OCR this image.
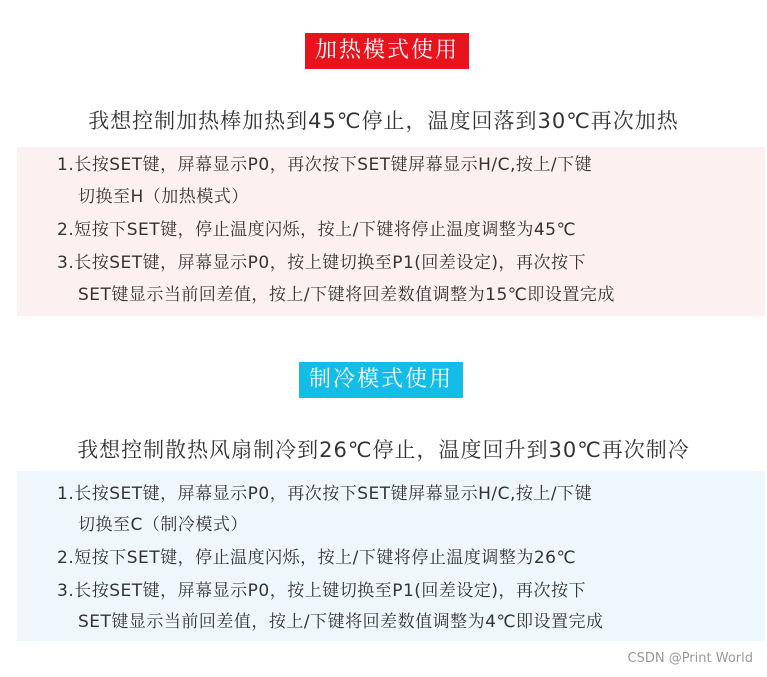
加热模式使用
我想控制加热棒加热到45℃停止，温度回落到30℃再次加热
1.长按SET键，屏幕显示P0，再次按下SET键屏幕显示H/C,按上/下键
切换至H（加热模式）
2.短按下SET键，停止温度闪烁，按上/下键将停止温度调整为45℃
3.长按SET键，屏幕显示P0，按上键切换至P1(回差设定)，再次按下
SET键显示当前回差值，按上/下键将回差数值调整为15℃即设置完成
制冷模式使用
我想控制散热风扇制冷到26℃停止，温度回升到30℃再次制冷
1.长按SET键，屏幕显示P0，再次按下SET键屏幕显示H/C,按上/下键
切换至C（制冷模式）
2.短按下SET键，停止温度闪烁，按上/下键将停止温度调整为26℃
3.长按SET键，屏幕显示P0，按上键切换至P1(回差设定)，再次按下
SET键显示当前回差值，按上/下键将回差数值调整为4℃即设置完成
CSDN @Print World
